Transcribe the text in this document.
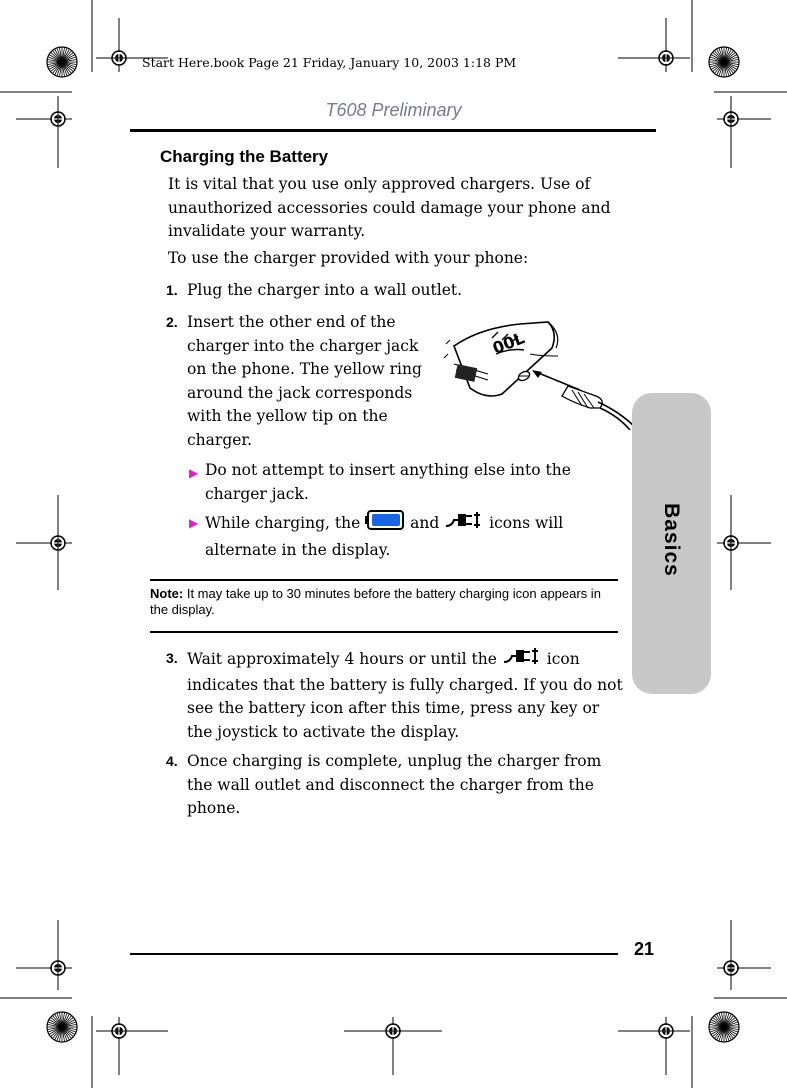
Start Here.book Page 21 Friday, January 10, 2003 1:18 PM
T608 Preliminary
Charging the Battery
It is vital that you use only approved chargers. Use of unauthorized accessories could damage your phone and invalidate your warranty.
To use the charger provided with your phone:
1. Plug the charger into a wall outlet.
2. Insert the other end of the charger into the charger jack on the phone. The yellow ring around the jack corresponds with the yellow tip on the charger.
00L
▶ Do not attempt to insert anything else into the charger jack.
▶ While charging, the	and	icons will alternate in the display.
Note: It may take up to 30 minutes before the battery charging icon appears in the display.
3. Wait approximately 4 hours or until the	icon indicates that the battery is fully charged. If you do not see the battery icon after this time, press any key or the joystick to activate the display.
4. Once charging is complete, unplug the charger from the wall outlet and disconnect the charger from the phone.
Basics
21
